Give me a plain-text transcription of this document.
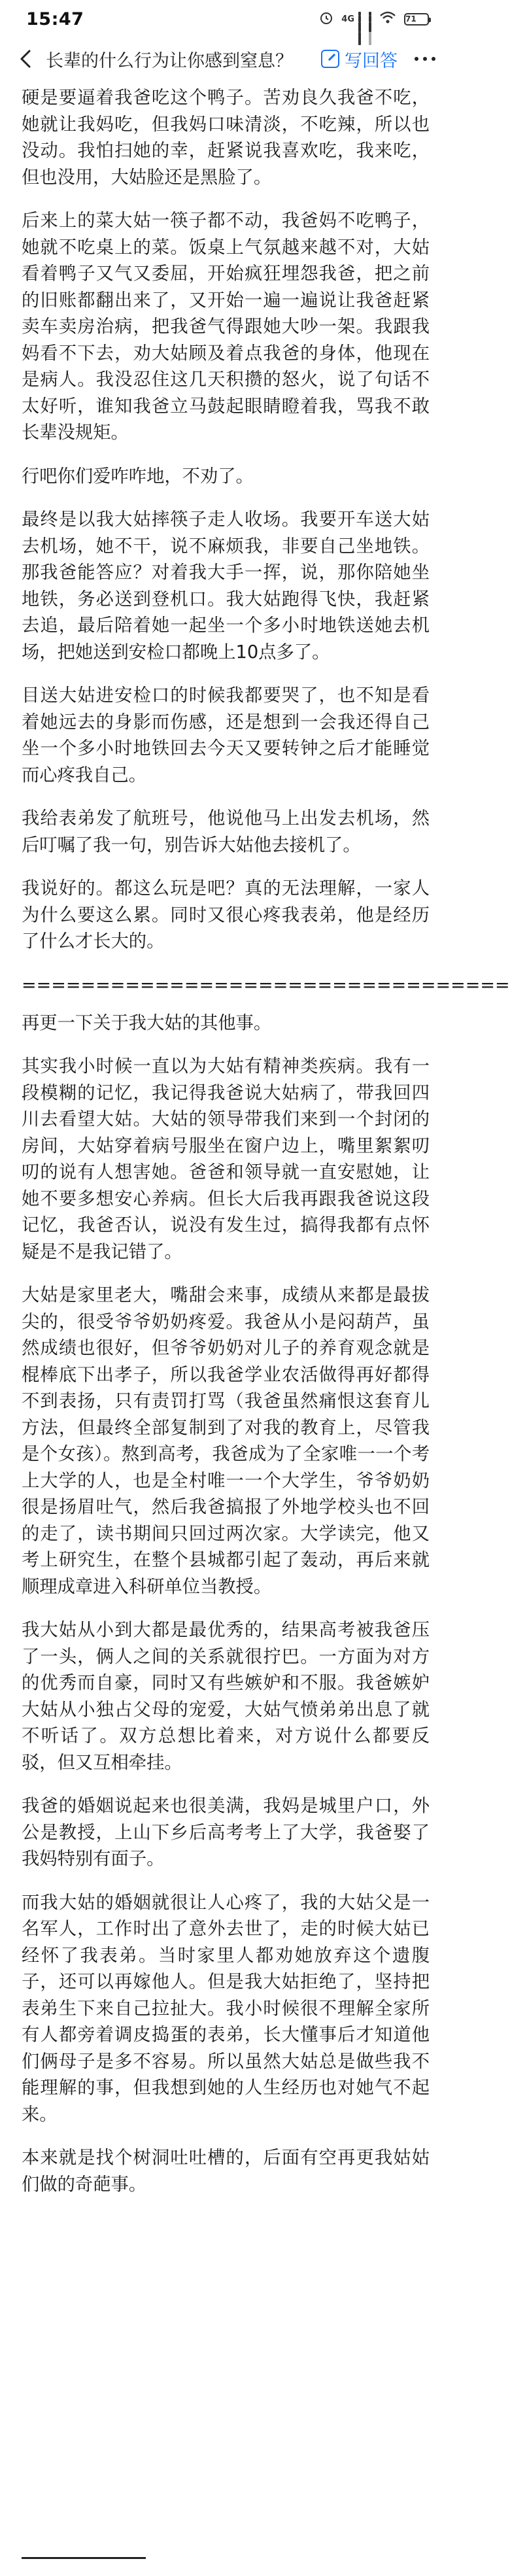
15:47	4G	71
长辈的什么行为让你感到窒息？	写回答

硬是要逼着我爸吃这个鸭子。苦劝良久我爸不吃，她就让我妈吃，但我妈口味清淡，不吃辣，所以也没动。我怕扫她的幸，赶紧说我喜欢吃，我来吃，但也没用，大姑脸还是黑脸了。

后来上的菜大姑一筷子都不动，我爸妈不吃鸭子，她就不吃桌上的菜。饭桌上气氛越来越不对，大姑看着鸭子又气又委屈，开始疯狂埋怨我爸，把之前的旧账都翻出来了，又开始一遍一遍说让我爸赶紧卖车卖房治病，把我爸气得跟她大吵一架。我跟我妈看不下去，劝大姑顾及着点我爸的身体，他现在是病人。我没忍住这几天积攒的怒火，说了句话不太好听，谁知我爸立马鼓起眼睛瞪着我，骂我不敢长辈没规矩。

行吧你们爱咋咋地，不劝了。

最终是以我大姑摔筷子走人收场。我要开车送大姑去机场，她不干，说不麻烦我，非要自己坐地铁。那我爸能答应？对着我大手一挥，说，那你陪她坐地铁，务必送到登机口。我大姑跑得飞快，我赶紧去追，最后陪着她一起坐一个多小时地铁送她去机场，把她送到安检口都晚上10点多了。

目送大姑进安检口的时候我都要哭了，也不知是看着她远去的身影而伤感，还是想到一会我还得自己坐一个多小时地铁回去今天又要转钟之后才能睡觉而心疼我自己。

我给表弟发了航班号，他说他马上出发去机场，然后叮嘱了我一句，别告诉大姑他去接机了。

我说好的。都这么玩是吧？真的无法理解，一家人为什么要这么累。同时又很心疼我表弟，他是经历了什么才长大的。

=================================

再更一下关于我大姑的其他事。

其实我小时候一直以为大姑有精神类疾病。我有一段模糊的记忆，我记得我爸说大姑病了，带我回四川去看望大姑。大姑的领导带我们来到一个封闭的房间，大姑穿着病号服坐在窗户边上，嘴里絮絮叨叨的说有人想害她。爸爸和领导就一直安慰她，让她不要多想安心养病。但长大后我再跟我爸说这段记忆，我爸否认，说没有发生过，搞得我都有点怀疑是不是我记错了。

大姑是家里老大，嘴甜会来事，成绩从来都是最拔尖的，很受爷爷奶奶疼爱。我爸从小是闷葫芦，虽然成绩也很好，但爷爷奶奶对儿子的养育观念就是棍棒底下出孝子，所以我爸学业农活做得再好都得不到表扬，只有责罚打骂（我爸虽然痛恨这套育儿方法，但最终全部复制到了对我的教育上，尽管我是个女孩）。熬到高考，我爸成为了全家唯一一个考上大学的人，也是全村唯一一个大学生，爷爷奶奶很是扬眉吐气，然后我爸搞报了外地学校头也不回的走了，读书期间只回过两次家。大学读完，他又考上研究生，在整个县城都引起了轰动，再后来就顺理成章进入科研单位当教授。

我大姑从小到大都是最优秀的，结果高考被我爸压了一头，俩人之间的关系就很拧巴。一方面为对方的优秀而自豪，同时又有些嫉妒和不服。我爸嫉妒大姑从小独占父母的宠爱，大姑气愤弟弟出息了就不听话了。双方总想比着来，对方说什么都要反驳，但又互相牵挂。

我爸的婚姻说起来也很美满，我妈是城里户口，外公是教授，上山下乡后高考考上了大学，我爸娶了我妈特别有面子。

而我大姑的婚姻就很让人心疼了，我的大姑父是一名军人，工作时出了意外去世了，走的时候大姑已经怀了我表弟。当时家里人都劝她放弃这个遗腹子，还可以再嫁他人。但是我大姑拒绝了，坚持把表弟生下来自己拉扯大。我小时候很不理解全家所有人都旁着调皮捣蛋的表弟，长大懂事后才知道他们俩母子是多不容易。所以虽然大姑总是做些我不能理解的事，但我想到她的人生经历也对她气不起来。

本来就是找个树洞吐吐槽的，后面有空再更我姑姑们做的奇葩事。
